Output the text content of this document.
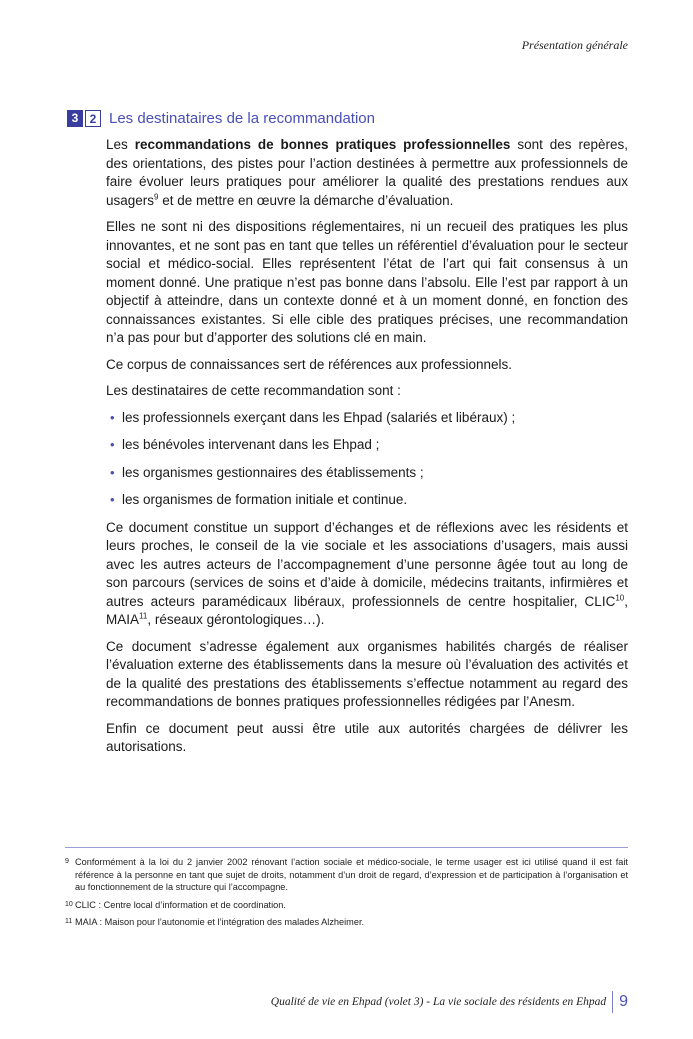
Présentation générale
3 2 Les destinataires de la recommandation

Les recommandations de bonnes pratiques professionnelles sont des repères, des orientations, des pistes pour l’action destinées à permettre aux professionnels de faire évoluer leurs pratiques pour améliorer la qualité des prestations rendues aux usagers$^9$ et de mettre en œuvre la démarche d’évaluation.

Elles ne sont ni des dispositions réglementaires, ni un recueil des pratiques les plus innovantes, et ne sont pas en tant que telles un référentiel d’évaluation pour le secteur social et médico-social. Elles représentent l’état de l’art qui fait consensus à un moment donné. Une pratique n’est pas bonne dans l’absolu. Elle l’est par rapport à un objectif à atteindre, dans un contexte donné et à un moment donné, en fonction des connaissances existantes. Si elle cible des pratiques précises, une recommandation n’a pas pour but d’apporter des solutions clé en main.

Ce corpus de connaissances sert de références aux professionnels.

Les destinataires de cette recommandation sont :

• les professionnels exerçant dans les Ehpad (salariés et libéraux) ;
• les bénévoles intervenant dans les Ehpad ;
• les organismes gestionnaires des établissements ;
• les organismes de formation initiale et continue.

Ce document constitue un support d’échanges et de réflexions avec les résidents et leurs proches, le conseil de la vie sociale et les associations d’usagers, mais aussi avec les autres acteurs de l’accompagnement d’une personne âgée tout au long de son parcours (services de soins et d’aide à domicile, médecins traitants, infirmières et autres acteurs paramédicaux libéraux, professionnels de centre hospitalier, CLIC$^{10}$, MAIA$^{11}$, réseaux gérontologiques…).

Ce document s’adresse également aux organismes habilités chargés de réaliser l’évaluation externe des établissements dans la mesure où l’évaluation des activités et de la qualité des prestations des établissements s’effectue notamment au regard des recommandations de bonnes pratiques professionnelles rédigées par l’Anesm.

Enfin ce document peut aussi être utile aux autorités chargées de délivrer les autorisations.

9 Conformément à la loi du 2 janvier 2002 rénovant l’action sociale et médico-sociale, le terme usager est ici utilisé quand il est fait référence à la personne en tant que sujet de droits, notamment d’un droit de regard, d’expression et de participation à l’organisation et au fonctionnement de la structure qui l’accompagne.
10 CLIC : Centre local d’information et de coordination.
11 MAIA : Maison pour l’autonomie et l’intégration des malades Alzheimer.
Qualité de vie en Ehpad (volet 3) - La vie sociale des résidents en Ehpad 9
